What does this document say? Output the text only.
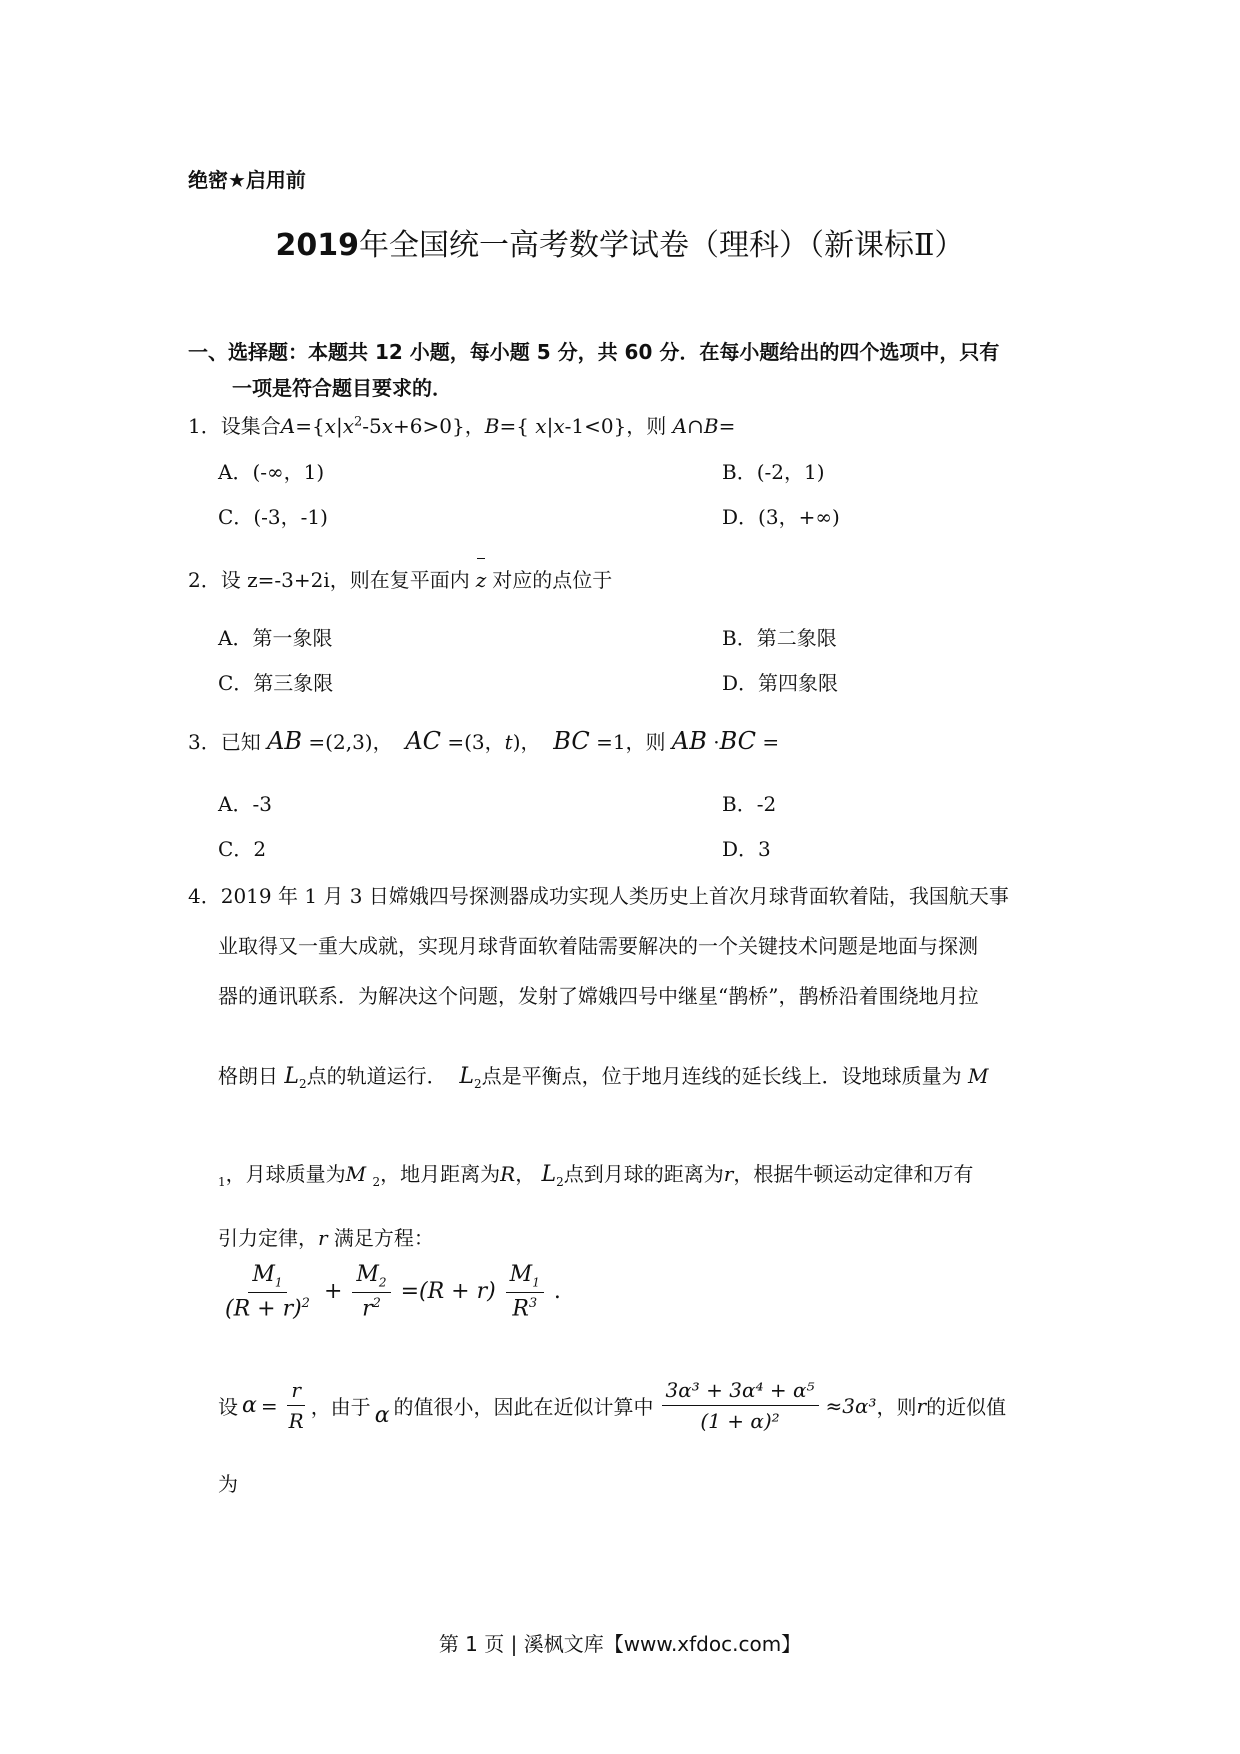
绝密★启用前
2019年全国统一高考数学试卷（理科）（新课标Ⅱ）
一、选择题：本题共 12 小题，每小题 5 分，共 60 分．在每小题给出的四个选项中，只有
一项是符合题目要求的．
1．设集合$A=\{x|x^2-5x+6>0\}$，B={ x|x-1<0}，则 A∩B=
A．(-∞，1)	B．(-2，1)
C．(-3，-1)	D．(3，+∞)
2．设 z=-3+2i，则在复平面内 z 对应的点位于
A．第一象限	B．第二象限
C．第三象限	D．第四象限
3．已知 AB =(2,3)， AC =(3，t)， BC =1，则 AB ·BC =
A．-3	B．-2
C．2	D．3
4．2019 年 1 月 3 日嫦娥四号探测器成功实现人类历史上首次月球背面软着陆，我国航天事
业取得又一重大成就，实现月球背面软着陆需要解决的一个关键技术问题是地面与探测
器的通讯联系．为解决这个问题，发射了嫦娥四号中继星“鹊桥”，鹊桥沿着围绕地月拉
格朗日 $L_2$点的轨道运行． $L_2$点是平衡点，位于地月连线的延长线上．设地球质量为 M
$_1$，月球质量为M $_2$，地月距离为R， $L_2$点到月球的距离为r，根据牛顿运动定律和万有
引力定律，r 满足方程：
$\frac{M_1}{(R + r)^2} + \frac{M_2}{r^2} =(R + r) \frac{M_1}{R^3}$ .
设 $\alpha = \frac{r}{R}$ ，由于 α 的值很小，因此在近似计算中 $\frac{\text{3α³ + 3α⁴ + α⁵}}{\text{(1 + α)²}} \approx 3\alpha^3$ ，则 r 的近似值
为
第 1 页 | 溪枫文库【www.xfdoc.com】
